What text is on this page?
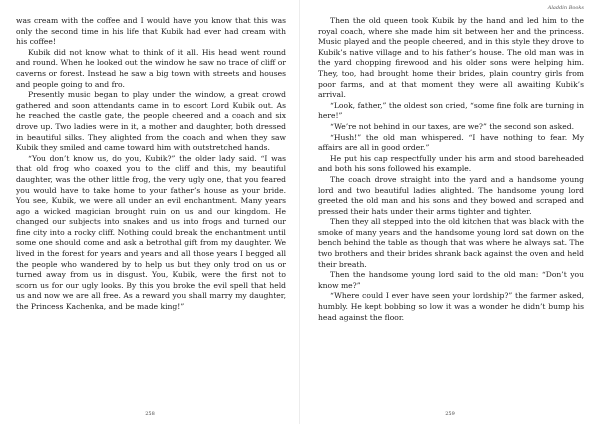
was cream with the coffee and I would have you know that this was only the second time in his life that Kubik had ever had cream with his coffee!

Kubik did not know what to think of it all. His head went round and round. When he looked out the window he saw no trace of cliff or caverns or forest. Instead he saw a big town with streets and houses and people going to and fro.

Presently music began to play under the window, a great crowd gathered and soon attendants came in to escort Lord Kubik out. As he reached the castle gate, the people cheered and a coach and six drove up. Two ladies were in it, a mother and daughter, both dressed in beautiful silks. They alighted from the coach and when they saw Kubik they smiled and came toward him with outstretched hands.

“You don’t know us, do you, Kubik?” the older lady said. “I was that old frog who coaxed you to the cliff and this, my beautiful daughter, was the other little frog, the very ugly one, that you feared you would have to take home to your father’s house as your bride. You see, Kubik, we were all under an evil enchantment. Many years ago a wicked magician brought ruin on us and our kingdom. He changed our subjects into snakes and us into frogs and turned our fine city into a rocky cliff. Nothing could break the enchantment until some one should come and ask a betrothal gift from my daughter. We lived in the forest for years and years and all those years I begged all the people who wandered by to help us but they only trod on us or turned away from us in disgust. You, Kubik, were the first not to scorn us for our ugly looks. By this you broke the evil spell that held us and now we are all free. As a reward you shall marry my daughter, the Princess Kachenka, and be made king!”

258
Aladdin Books

Then the old queen took Kubik by the hand and led him to the royal coach, where she made him sit between her and the princess. Music played and the people cheered, and in this style they drove to Kubik’s native village and to his father’s house. The old man was in the yard chopping firewood and his older sons were helping him. They, too, had brought home their brides, plain country girls from poor farms, and at that moment they were all awaiting Kubik’s arrival.

“Look, father,” the oldest son cried, “some fine folk are turning in here!”

“We’re not behind in our taxes, are we?” the second son asked.

“Hush!” the old man whispered. “I have nothing to fear. My affairs are all in good order.”

He put his cap respectfully under his arm and stood bareheaded and both his sons followed his example.

The coach drove straight into the yard and a handsome young lord and two beautiful ladies alighted. The handsome young lord greeted the old man and his sons and they bowed and scraped and pressed their hats under their arms tighter and tighter.

Then they all stepped into the old kitchen that was black with the smoke of many years and the handsome young lord sat down on the bench behind the table as though that was where he always sat. The two brothers and their brides shrank back against the oven and held their breath.

Then the handsome young lord said to the old man: “Don’t you know me?”

“Where could I ever have seen your lordship?” the farmer asked, humbly. He kept bobbing so low it was a wonder he didn’t bump his head against the floor.

259
